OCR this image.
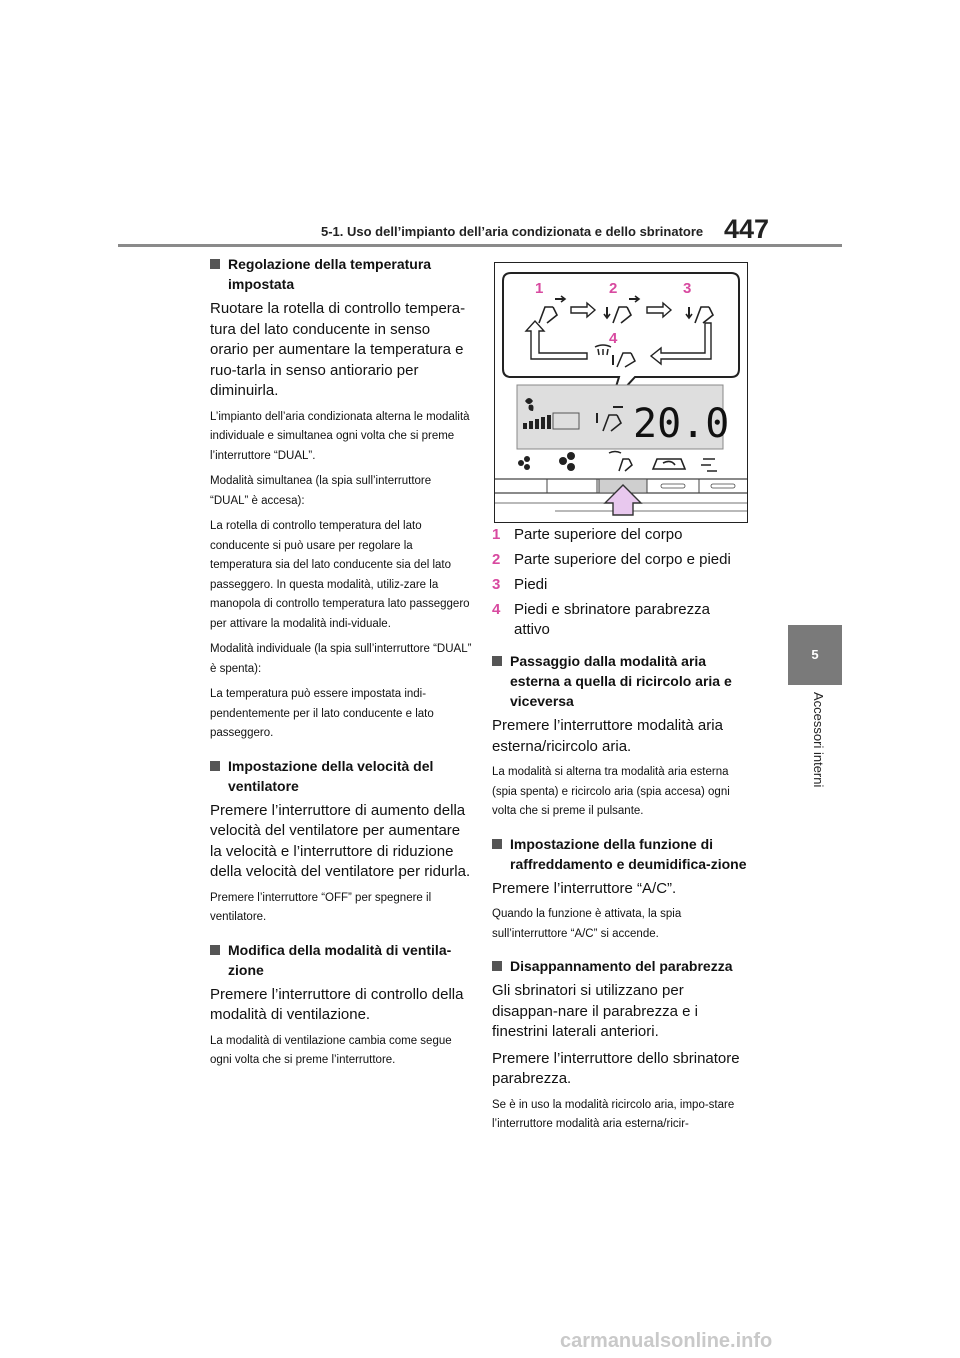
5-1. Uso dell’impianto dell’aria condizionata e dello sbrinatore 447
5
Accessori interni
Regolazione della temperatura impostata

Ruotare la rotella di controllo tempera-tura del lato conducente in senso orario per aumentare la temperatura e ruo-tarla in senso antiorario per diminuirla.

L’impianto dell’aria condizionata alterna le modalità individuale e simultanea ogni volta che si preme l’interruttore “DUAL”.

Modalità simultanea (la spia sull’interruttore “DUAL” è accesa):

La rotella di controllo temperatura del lato conducente si può usare per regolare la temperatura sia del lato conducente sia del lato passeggero. In questa modalità, utiliz-zare la manopola di controllo temperatura lato passeggero per attivare la modalità indi-viduale.

Modalità individuale (la spia sull’interruttore “DUAL” è spenta):

La temperatura può essere impostata indi-pendentemente per il lato conducente e lato passeggero.

Impostazione della velocità del ventilatore

Premere l’interruttore di aumento della velocità del ventilatore per aumentare la velocità e l’interruttore di riduzione della velocità del ventilatore per ridurla.

Premere l’interruttore “OFF” per spegnere il ventilatore.

Modifica della modalità di ventila-zione

Premere l’interruttore di controllo della modalità di ventilazione.

La modalità di ventilazione cambia come segue ogni volta che si preme l’interruttore.

1	2	3
4
20.0
1 Parte superiore del corpo
2 Parte superiore del corpo e piedi
3 Piedi
4 Piedi e sbrinatore parabrezza attivo
Passaggio dalla modalità aria esterna a quella di ricircolo aria e viceversa

Premere l’interruttore modalità aria esterna/ricircolo aria.

La modalità si alterna tra modalità aria esterna (spia spenta) e ricircolo aria (spia accesa) ogni volta che si preme il pulsante.

Impostazione della funzione di raffreddamento e deumidifica-zione

Premere l’interruttore “A/C”.

Quando la funzione è attivata, la spia sull’interruttore “A/C” si accende.

Disappannamento del parabrezza

Gli sbrinatori si utilizzano per disappan-nare il parabrezza e i finestrini laterali anteriori.

Premere l’interruttore dello sbrinatore parabrezza.

Se è in uso la modalità ricircolo aria, impo-stare l’interruttore modalità aria esterna/ricir-

carmanualsonline.info
